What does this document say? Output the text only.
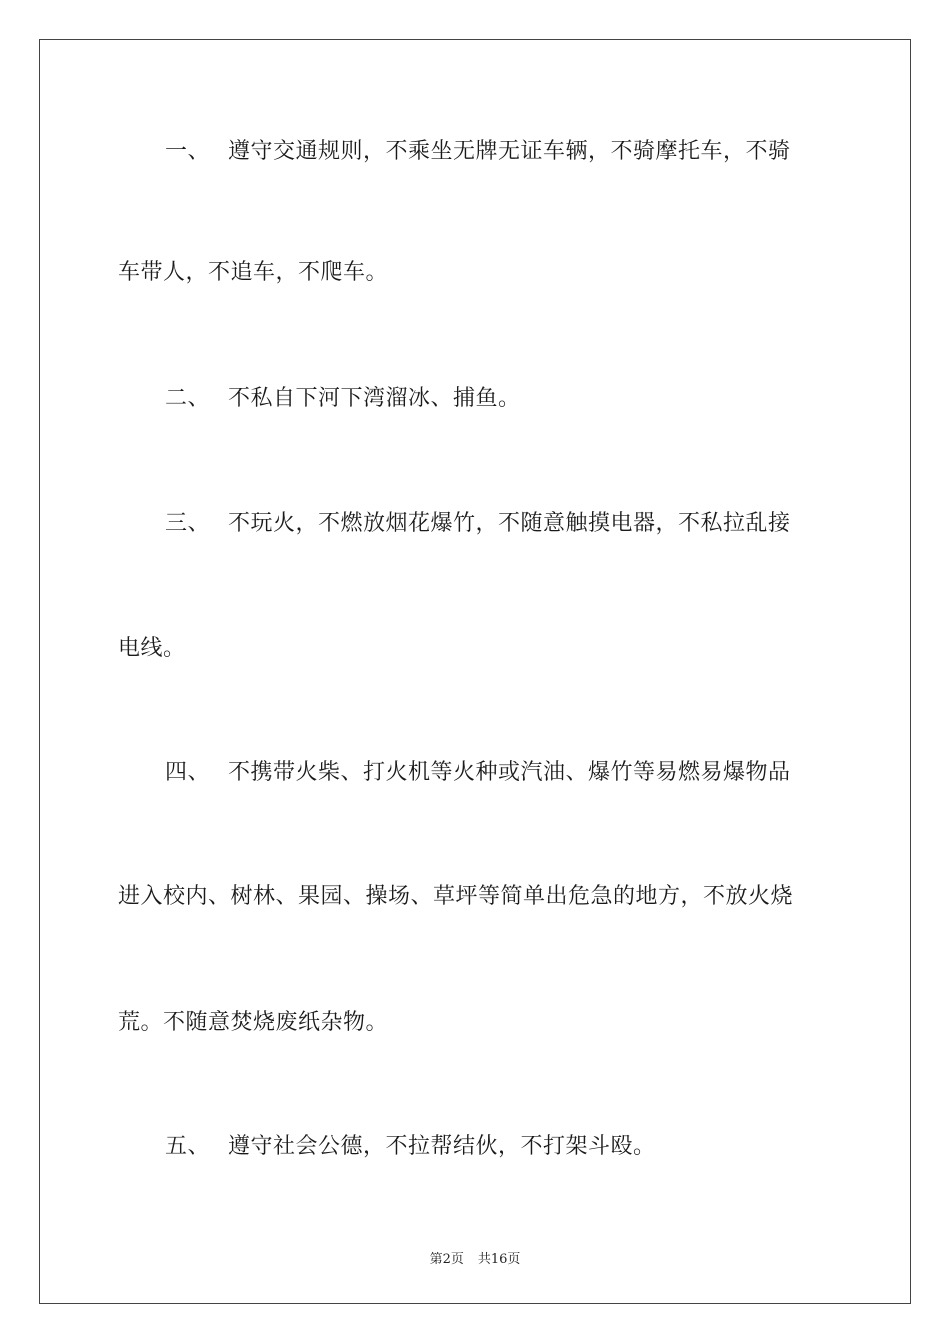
一、 遵守交通规则，不乘坐无牌无证车辆，不骑摩托车，不骑
车带人，不追车，不爬车。
二、 不私自下河下湾溜冰、捕鱼。
三、 不玩火，不燃放烟花爆竹，不随意触摸电器，不私拉乱接
电线。
四、 不携带火柴、打火机等火种或汽油、爆竹等易燃易爆物品
进入校内、树林、果园、操场、草坪等简单出危急的地方，不放火烧
荒。不随意焚烧废纸杂物。
五、 遵守社会公德，不拉帮结伙，不打架斗殴。
第2页 共16页
